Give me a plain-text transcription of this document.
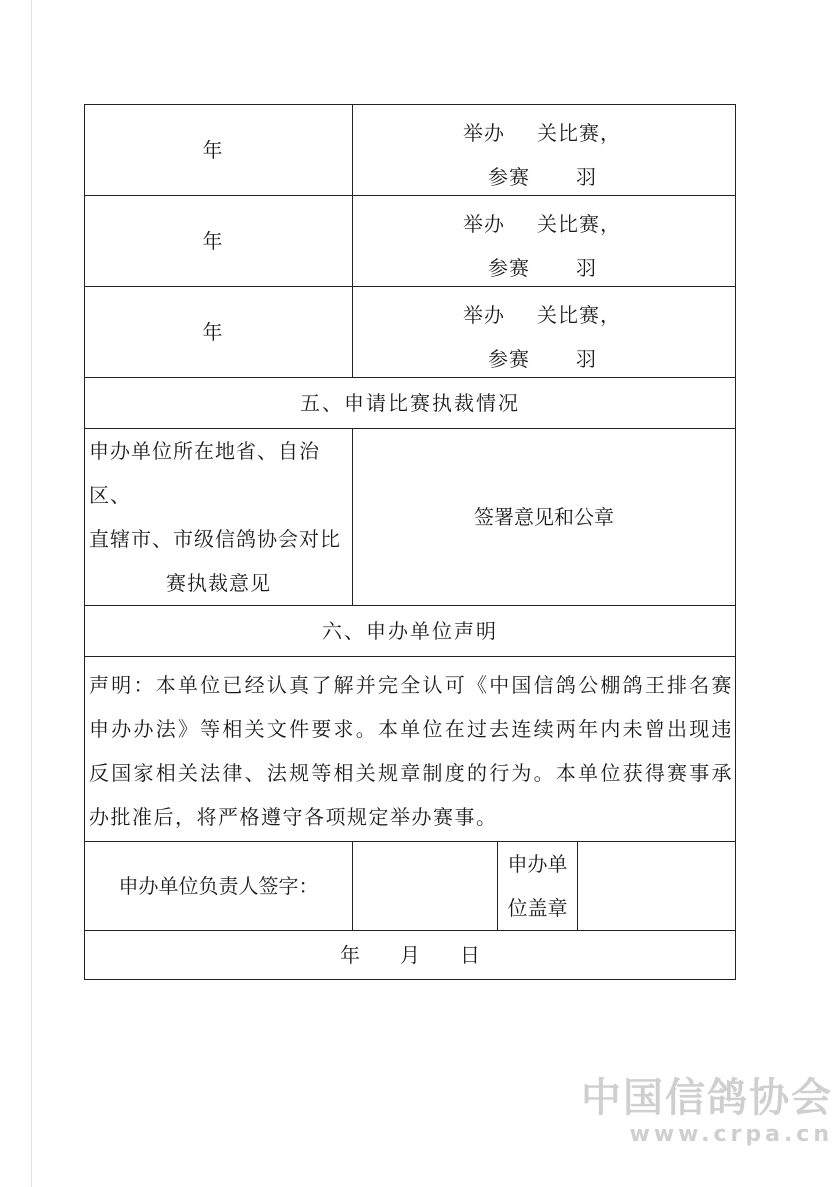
年	举办 关比赛，
参赛 羽		

年	举办 关比赛，
参赛 羽		

年	举办 关比赛，
参赛 羽		

五、申请比赛执裁情况			

申办单位所在地省、自治区、
直辖市、市级信鸽协会对比
赛执裁意见	签署意见和公章		
六、申办单位声明			
声明：本单位已经认真了解并完全认可《中国信鸽公棚鸽王排名赛申办办法》等相关文件要求。本单位在过去连续两年内未曾出现违反国家相关法律、法规等相关规章制度的行为。本单位获得赛事承办批准后，将严格遵守各项规定举办赛事。			
申办单位负责人签字：		申办单
位盖章	

年 月 日			
中国信鸽协会
www.crpa.cn
